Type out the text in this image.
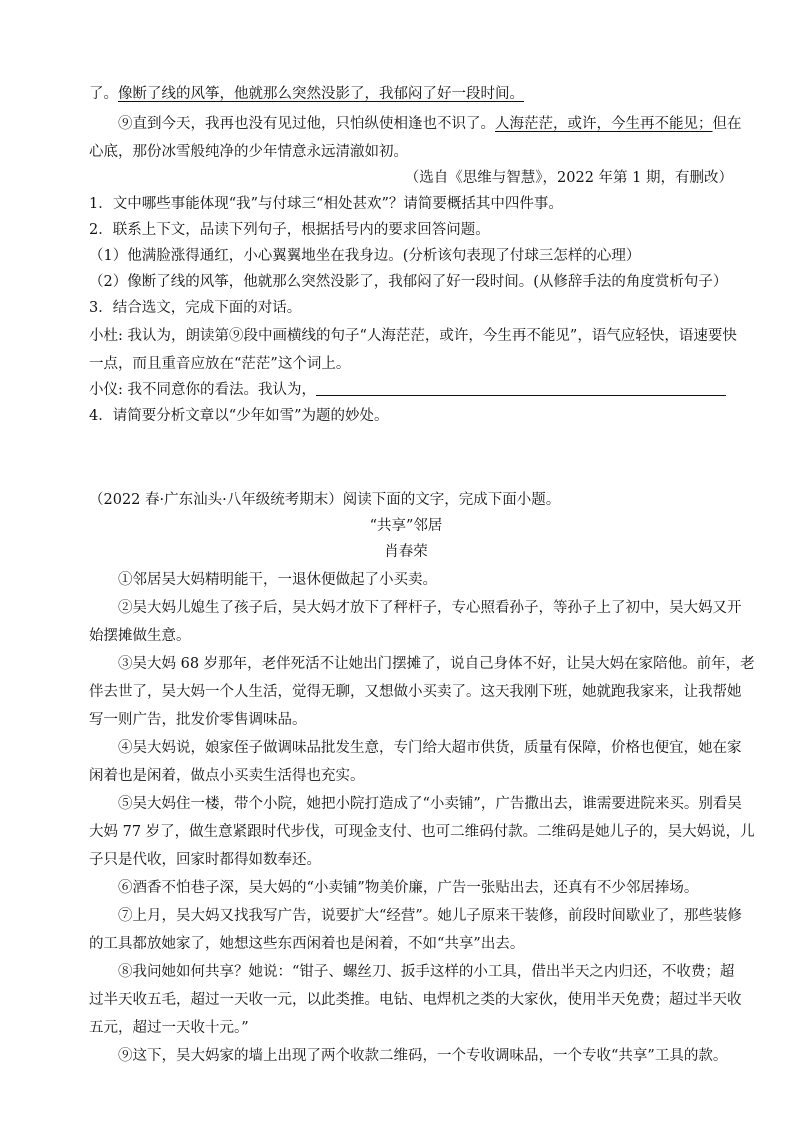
了。像断了线的风筝，他就那么突然没影了，我郁闷了好一段时间。
⑨直到今天，我再也没有见过他，只怕纵使相逢也不识了。人海茫茫，或许，今生再不能见；但在
心底，那份冰雪般纯净的少年情意永远清澈如初。
（选自《思维与智慧》，2022 年第 1 期，有删改）
1．文中哪些事能体现“我”与付球三“相处甚欢”？请简要概括其中四件事。
2．联系上下文，品读下列句子，根据括号内的要求回答问题。
（1）他满脸涨得通红，小心翼翼地坐在我身边。(分析该句表现了付球三怎样的心理）
（2）像断了线的风筝，他就那么突然没影了，我郁闷了好一段时间。(从修辞手法的角度赏析句子）
3．结合选文，完成下面的对话。
小杜: 我认为，朗读第⑨段中画横线的句子“人海茫茫，或许，今生再不能见”，语气应轻快，语速要快
一点，而且重音应放在“茫茫”这个词上。
小仪: 我不同意你的看法。我认为，
4．请简要分析文章以“少年如雪”为题的妙处。
（2022 春·广东汕头·八年级统考期末）阅读下面的文字，完成下面小题。
“共享”邻居
肖春荣
①邻居吴大妈精明能干，一退休便做起了小买卖。
②吴大妈儿媳生了孩子后，吴大妈才放下了秤杆子，专心照看孙子，等孙子上了初中，吴大妈又开
始摆摊做生意。
③吴大妈 68 岁那年，老伴死活不让她出门摆摊了，说自己身体不好，让吴大妈在家陪他。前年，老
伴去世了，吴大妈一个人生活，觉得无聊，又想做小买卖了。这天我刚下班，她就跑我家来，让我帮她
写一则广告，批发价零售调味品。
④吴大妈说，娘家侄子做调味品批发生意，专门给大超市供货，质量有保障，价格也便宜，她在家
闲着也是闲着，做点小买卖生活得也充实。
⑤吴大妈住一楼，带个小院，她把小院打造成了“小卖铺”，广告撒出去，谁需要进院来买。别看吴
大妈 77 岁了，做生意紧跟时代步伐，可现金支付、也可二维码付款。二维码是她儿子的，吴大妈说，儿
子只是代收，回家时都得如数奉还。
⑥酒香不怕巷子深，吴大妈的“小卖铺”物美价廉，广告一张贴出去，还真有不少邻居捧场。
⑦上月，吴大妈又找我写广告，说要扩大“经营”。她儿子原来干装修，前段时间歇业了，那些装修
的工具都放她家了，她想这些东西闲着也是闲着，不如“共享”出去。
⑧我问她如何共享？她说：“钳子、螺丝刀、扳手这样的小工具，借出半天之内归还，不收费；超
过半天收五毛，超过一天收一元，以此类推。电钻、电焊机之类的大家伙，使用半天免费；超过半天收
五元，超过一天收十元。”
⑨这下，吴大妈家的墙上出现了两个收款二维码，一个专收调味品，一个专收“共享”工具的款。
